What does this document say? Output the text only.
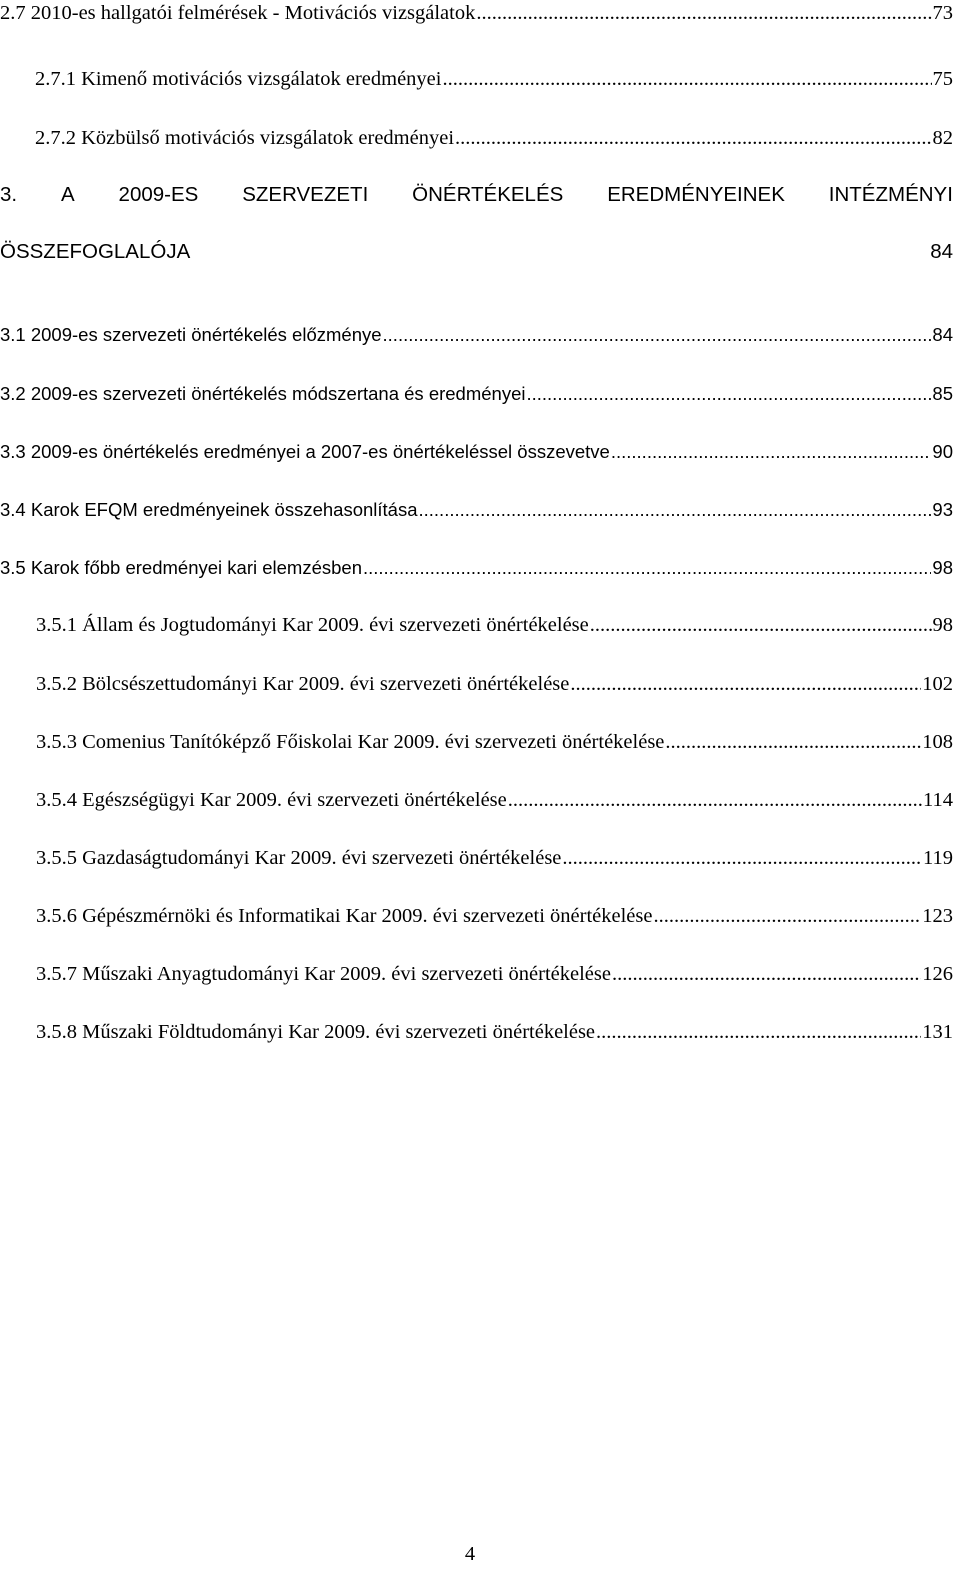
2.7 2010-es hallgatói felmérések - Motivációs vizsgálatok .....	73
2.7.1 Kimenő motivációs vizsgálatok eredményei .....	75
2.7.2 Közbülső motivációs vizsgálatok eredményei .....	82
3. A 2009-ES SZERVEZETI ÖNÉRTÉKELÉS EREDMÉNYEINEK INTÉZMÉNYI
ÖSSZEFOGLALÓJA	84
3.1 2009-es szervezeti önértékelés előzménye .....	84
3.2 2009-es szervezeti önértékelés módszertana és eredményei .....	85
3.3 2009-es önértékelés eredményei a 2007-es önértékeléssel összevetve .....	90
3.4 Karok EFQM eredményeinek összehasonlítása .....	93
3.5 Karok főbb eredményei kari elemzésben .....	98
3.5.1 Állam és Jogtudományi Kar 2009. évi szervezeti önértékelése .....	98
3.5.2 Bölcsészettudományi Kar 2009. évi szervezeti önértékelése .....	102
3.5.3 Comenius Tanítóképző Főiskolai Kar 2009. évi szervezeti önértékelése .....	108
3.5.4 Egészségügyi Kar 2009. évi szervezeti önértékelése .....	114
3.5.5 Gazdaságtudományi Kar 2009. évi szervezeti önértékelése .....	119
3.5.6 Gépészmérnöki és Informatikai Kar 2009. évi szervezeti önértékelése .....	123
3.5.7 Műszaki Anyagtudományi Kar 2009. évi szervezeti önértékelése .....	126
3.5.8 Műszaki Földtudományi Kar 2009. évi szervezeti önértékelése .....	131
4
